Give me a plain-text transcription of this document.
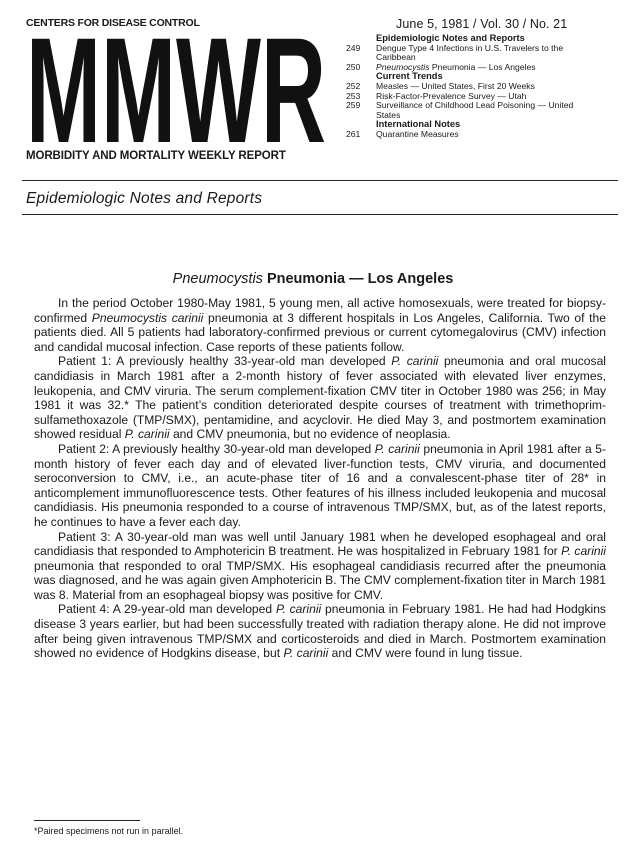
CENTERS FOR DISEASE CONTROL
MMWR
MORBIDITY AND MORTALITY WEEKLY REPORT
June 5, 1981 / Vol. 30 / No. 21
Epidemiologic Notes and Reports
249	Dengue Type 4 Infections in U.S. Travelers to the Caribbean
250	Pneumocystis Pneumonia — Los Angeles
Current Trends
252	Measles — United States, First 20 Weeks
253	Risk-Factor-Prevalence Survey — Utah
259	Surveillance of Childhood Lead Poisoning — United States
International Notes
261	Quarantine Measures
Epidemiologic Notes and Reports
Pneumocystis Pneumonia — Los Angeles

In the period October 1980-May 1981, 5 young men, all active homosexuals, were treated for biopsy-confirmed Pneumocystis carinii pneumonia at 3 different hospitals in Los Angeles, California. Two of the patients died. All 5 patients had laboratory-confirmed previous or current cytomegalovirus (CMV) infection and candidal mucosal infection. Case reports of these patients follow.

Patient 1: A previously healthy 33-year-old man developed P. carinii pneumonia and oral mucosal candidiasis in March 1981 after a 2-month history of fever associated with elevated liver enzymes, leukopenia, and CMV viruria. The serum complement-fixation CMV titer in October 1980 was 256; in May 1981 it was 32.* The patient’s condition deteriorated despite courses of treatment with trimethoprim-sulfamethoxazole (TMP/SMX), pentamidine, and acyclovir. He died May 3, and postmortem examination showed residual P. carinii and CMV pneumonia, but no evidence of neoplasia.

Patient 2: A previously healthy 30-year-old man developed P. carinii pneumonia in April 1981 after a 5-month history of fever each day and of elevated liver-function tests, CMV viruria, and documented seroconversion to CMV, i.e., an acute-phase titer of 16 and a convalescent-phase titer of 28* in anticomplement immunofluorescence tests. Other features of his illness included leukopenia and mucosal candidiasis. His pneumonia responded to a course of intravenous TMP/SMX, but, as of the latest reports, he continues to have a fever each day.

Patient 3: A 30-year-old man was well until January 1981 when he developed esophageal and oral candidiasis that responded to Amphotericin B treatment. He was hospitalized in February 1981 for P. carinii pneumonia that responded to oral TMP/SMX. His esophageal candidiasis recurred after the pneumonia was diagnosed, and he was again given Amphotericin B. The CMV complement-fixation titer in March 1981 was 8. Material from an esophageal biopsy was positive for CMV.

Patient 4: A 29-year-old man developed P. carinii pneumonia in February 1981. He had had Hodgkins disease 3 years earlier, but had been successfully treated with radiation therapy alone. He did not improve after being given intravenous TMP/SMX and corticosteroids and died in March. Postmortem examination showed no evidence of Hodgkins disease, but P. carinii and CMV were found in lung tissue.

*Paired specimens not run in parallel.
